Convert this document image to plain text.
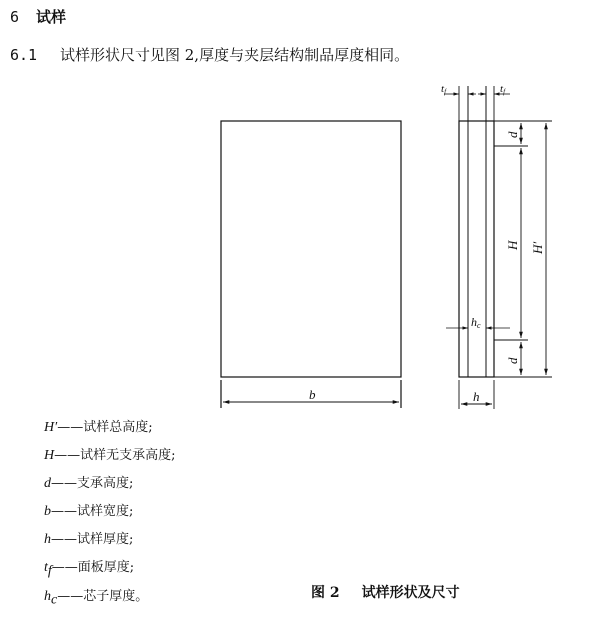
6 试样
6.1 试样形状尺寸见图 2,厚度与夹层结构制品厚度相同。
b	h
hc
tf	tf
d
H
d
H′
H′——试样总高度;
H——试样无支承高度;
d——支承高度;
b——试样宽度;
h——试样厚度;
$t_f——$面板厚度;
$h_c——$芯子厚度。	图 2 试样形状及尺寸
